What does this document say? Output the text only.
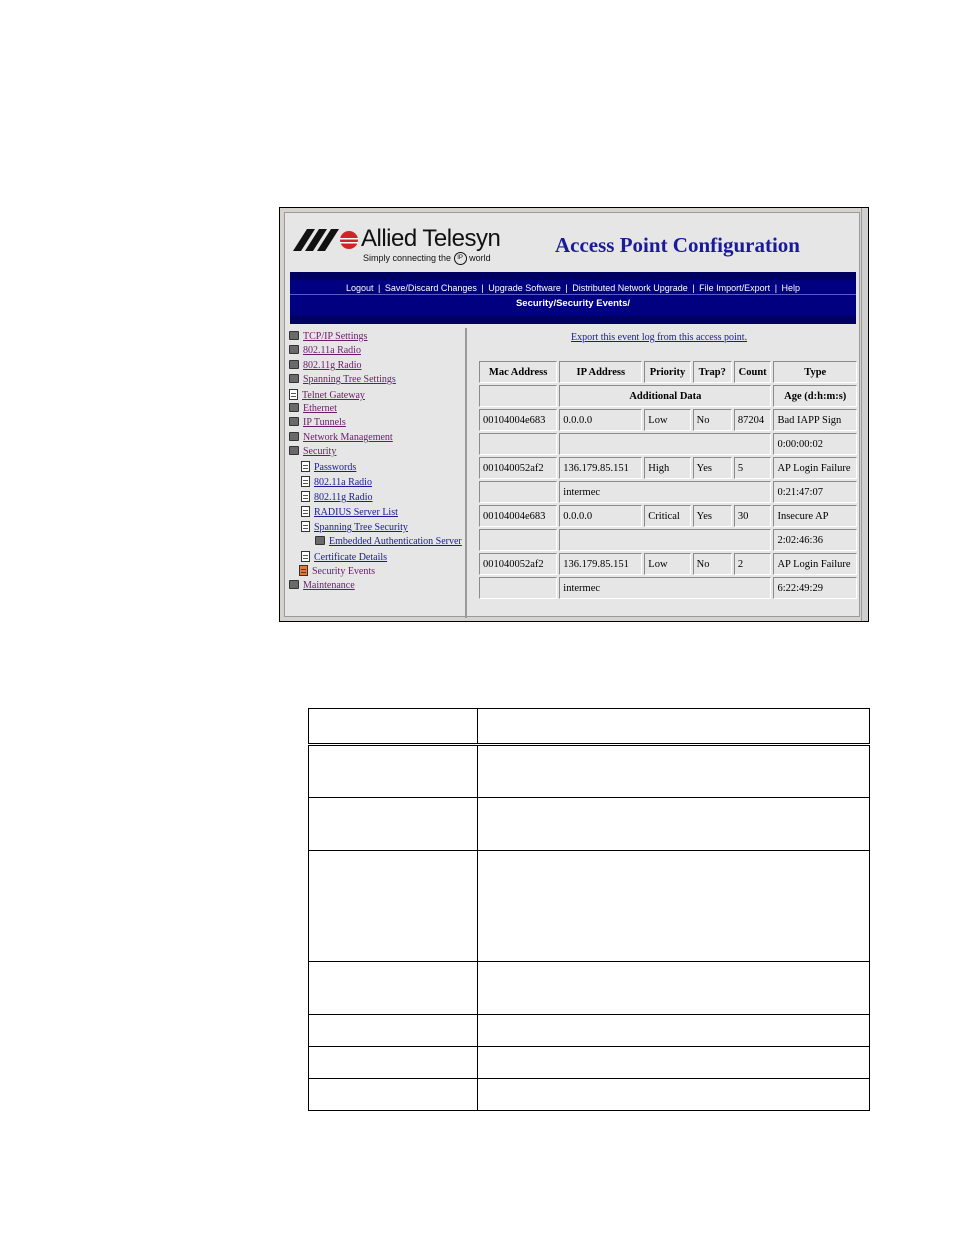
Allied Telesyn
Simply connecting the IP world
Access Point Configuration
Logout | Save/Discard Changes | Upgrade Software | Distributed Network Upgrade | File Import/Export | Help
Security/Security Events/
TCP/IP Settings
802.11a Radio
802.11g Radio
Spanning Tree Settings
Telnet Gateway
Ethernet
IP Tunnels
Network Management
Security
Passwords
802.11a Radio
802.11g Radio
RADIUS Server List
Spanning Tree Security
Embedded Authentication Server
Certificate Details
Security Events
Maintenance
Export this event log from this access point.
Mac Address	IP Address	Priority	Trap?	Count	Type
	Additional Data				Age (d:h:m:s)
00104004e683	0.0.0.0	Low	No	87204	Bad IAPP Sign
					0:00:00:02
001040052af2	136.179.85.151	High	Yes	5	AP Login Failure
	intermec				0:21:47:07
00104004e683	0.0.0.0	Critical	Yes	30	Insecure AP
					2:02:46:36
001040052af2	136.179.85.151	Low	No	2	AP Login Failure
	intermec				6:22:49:29
